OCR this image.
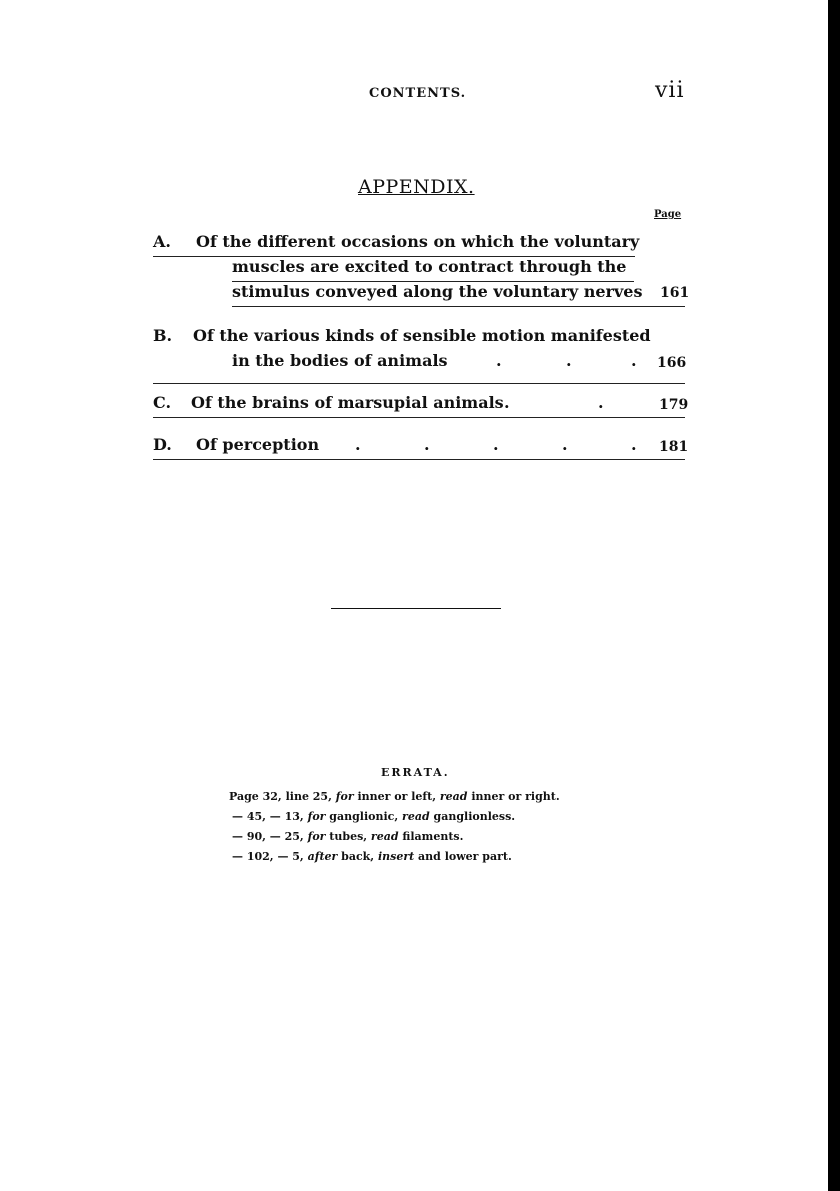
CONTENTS.	vii
APPENDIX.
Page
A. Of the different occasions on which the voluntary
muscles are excited to contract through the
stimulus conveyed along the voluntary nerves 161
B. Of the various kinds of sensible motion manifested
in the bodies of animals	.	.	. 166
C. Of the brains of marsupial animals .	.	179
D. Of perception .	.	.	.	. 181
ERRATA.
Page 32, line 25, for inner or left, read inner or right.
— 45, — 13, for ganglionic, read ganglionless.
— 90, — 25, for tubes, read filaments.
— 102, — 5, after back, insert and lower part.
